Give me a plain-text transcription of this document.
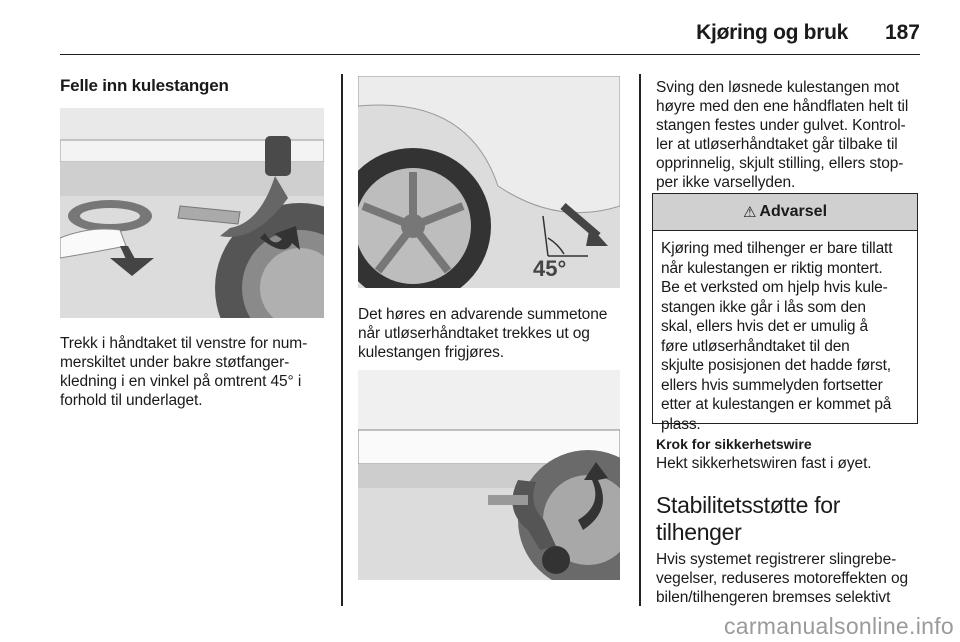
Kjøring og bruk 187
Felle inn kulestangen

Trekk i håndtaket til venstre for num-
merskiltet under bakre støtfanger-
kledning i en vinkel på omtrent 45° i
forhold til underlaget.

45°

Det høres en advarende summetone
når utløserhåndtaket trekkes ut og
kulestangen frigjøres.

Sving den løsnede kulestangen mot
høyre med den ene håndflaten helt til
stangen festes under gulvet. Kontrol-
ler at utløserhåndtaket går tilbake til
opprinnelig, skjult stilling, ellers stop-
per ikke varsellyden.

⚠ Advarsel
Kjøring med tilhenger er bare tillatt
når kulestangen er riktig montert.
Be et verksted om hjelp hvis kule-
stangen ikke går i lås som den
skal, ellers hvis det er umulig å
føre utløserhåndtaket til den
skjulte posisjonen det hadde først,
ellers hvis summelyden fortsetter
etter at kulestangen er kommet på
plass.
Krok for sikkerhetswire

Hekt sikkerhetswiren fast i øyet.

Stabilitetsstøtte for
tilhenger

Hvis systemet registrerer slingrebe-
vegelser, reduseres motoreffekten og
bilen/tilhengeren bremses selektivt

carmanualsonline.info
